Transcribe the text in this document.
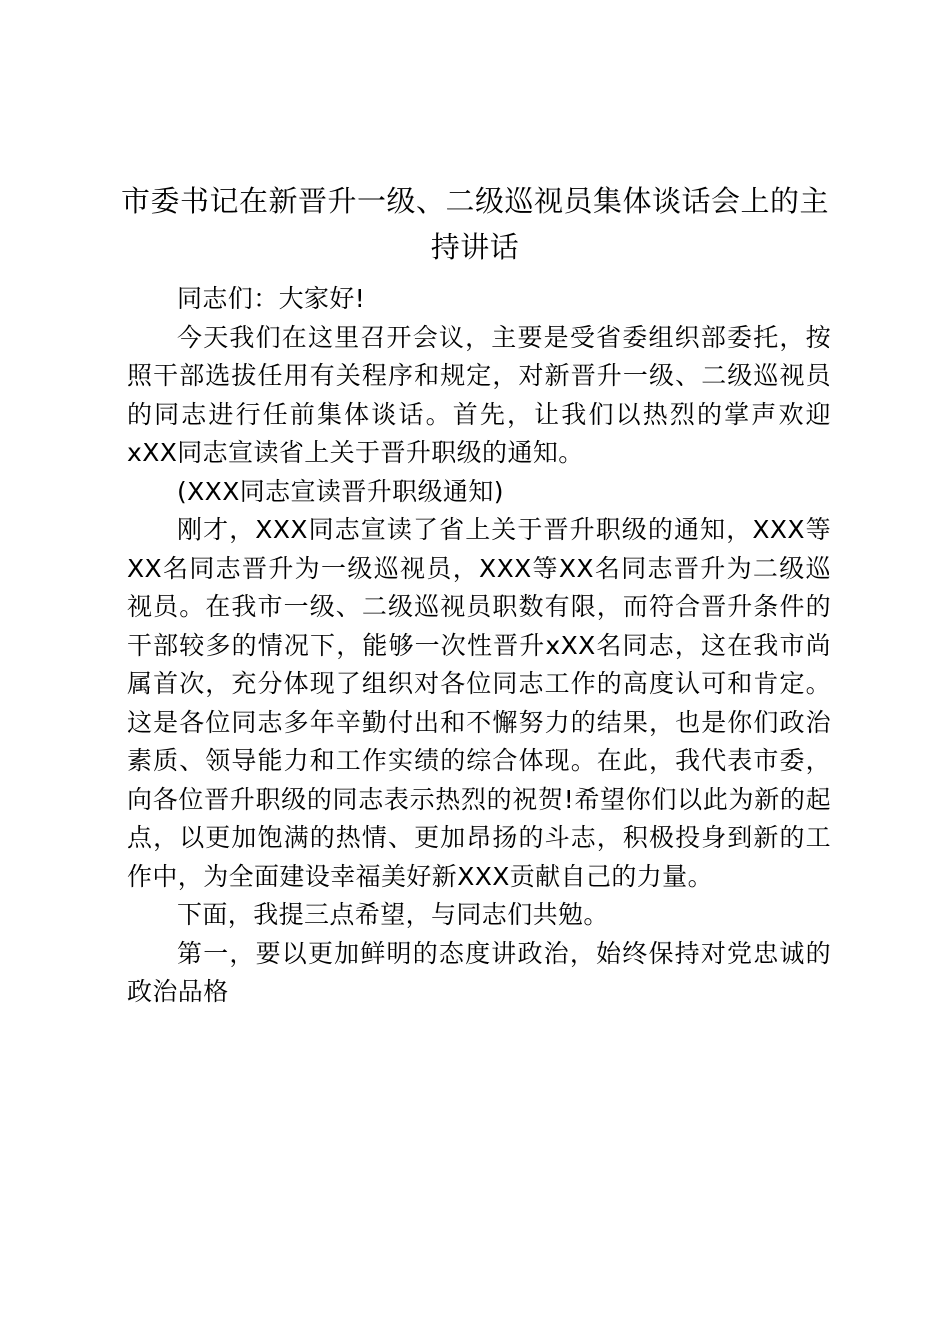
市委书记在新晋升一级、二级巡视员集体谈话会上的主持讲话

同志们：大家好!

今天我们在这里召开会议，主要是受省委组织部委托，按照干部选拔任用有关程序和规定，对新晋升一级、二级巡视员的同志进行任前集体谈话。首先，让我们以热烈的掌声欢迎xXX同志宣读省上关于晋升职级的通知。

(XXX同志宣读晋升职级通知)

刚才，XXX同志宣读了省上关于晋升职级的通知，XXX等XX名同志晋升为一级巡视员，XXX等XX名同志晋升为二级巡视员。在我市一级、二级巡视员职数有限，而符合晋升条件的干部较多的情况下，能够一次性晋升xXX名同志，这在我市尚属首次，充分体现了组织对各位同志工作的高度认可和肯定。这是各位同志多年辛勤付出和不懈努力的结果，也是你们政治素质、领导能力和工作实绩的综合体现。在此，我代表市委，向各位晋升职级的同志表示热烈的祝贺!希望你们以此为新的起点，以更加饱满的热情、更加昂扬的斗志，积极投身到新的工作中，为全面建设幸福美好新XXX贡献自己的力量。

下面，我提三点希望，与同志们共勉。

第一，要以更加鲜明的态度讲政治，始终保持对党忠诚的政治品格
